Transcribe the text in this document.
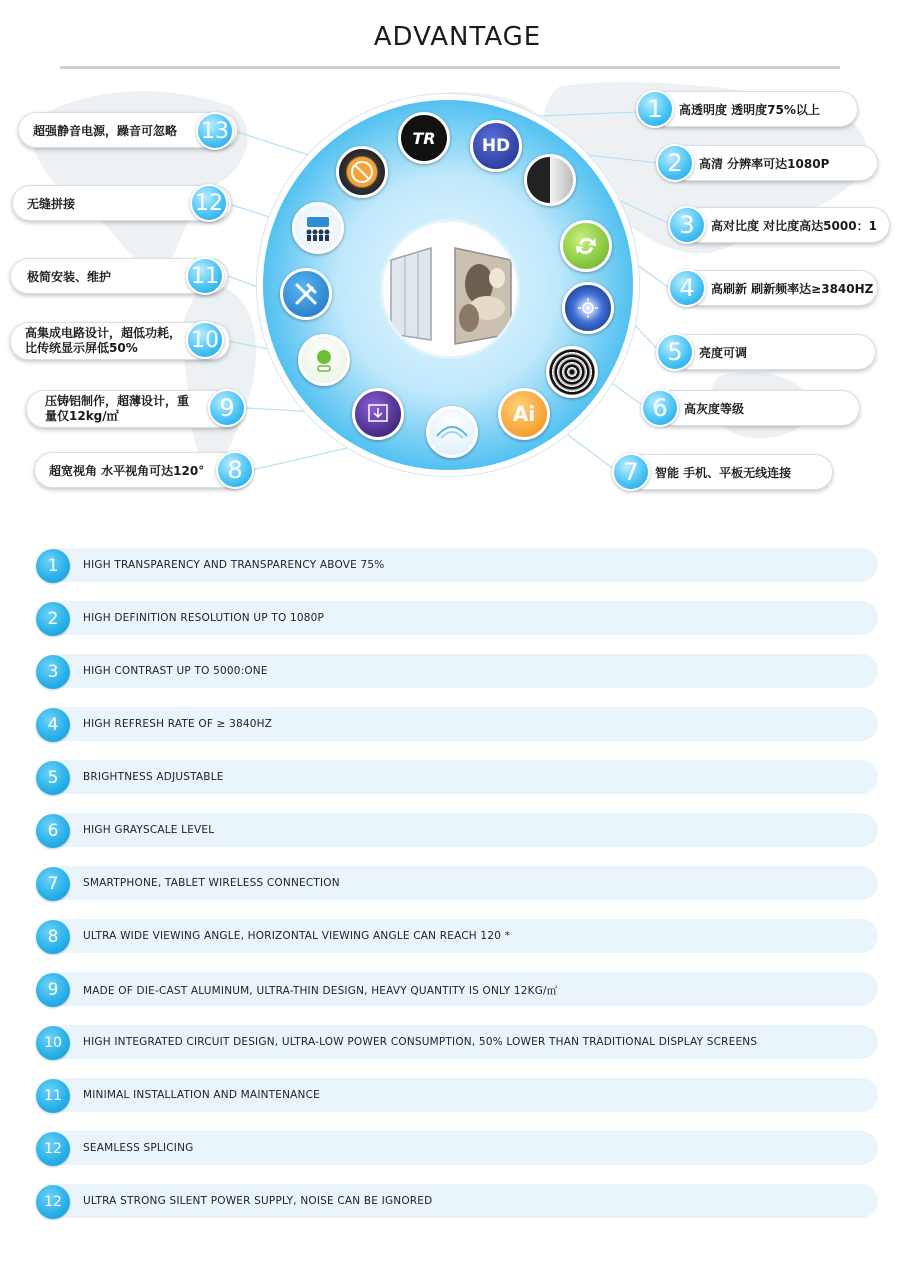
ADVANTAGE
TR	HD
Ai
高透明度 透明度75%以上
1
高清 分辨率可达1080P
2
高对比度 对比度高达5000：1
3
高刷新 刷新频率达≥3840HZ
4
亮度可调
5
高灰度等级
6
智能 手机、平板无线连接
7
超宽视角 水平视角可达120° 8
压铸铝制作，超薄设计，重
量仅12kg/㎡	9
高集成电路设计，超低功耗，
比传统显示屏低50% 10
极简安装、维护	11
无缝拼接	12
超强静音电源，躁音可忽略 13
1	HIGH TRANSPARENCY AND TRANSPARENCY ABOVE 75%
2	HIGH DEFINITION RESOLUTION UP TO 1080P
3	HIGH CONTRAST UP TO 5000:ONE
4	HIGH REFRESH RATE OF ≥ 3840HZ
5	BRIGHTNESS ADJUSTABLE
6	HIGH GRAYSCALE LEVEL
7	SMARTPHONE, TABLET WIRELESS CONNECTION
8	ULTRA WIDE VIEWING ANGLE, HORIZONTAL VIEWING ANGLE CAN REACH 120 *
9	MADE OF DIE-CAST ALUMINUM, ULTRA-THIN DESIGN, HEAVY QUANTITY IS ONLY 12KG/㎡
10	HIGH INTEGRATED CIRCUIT DESIGN, ULTRA-LOW POWER CONSUMPTION, 50% LOWER THAN TRADITIONAL DISPLAY SCREENS
11	MINIMAL INSTALLATION AND MAINTENANCE
12	SEAMLESS SPLICING
12	ULTRA STRONG SILENT POWER SUPPLY, NOISE CAN BE IGNORED
